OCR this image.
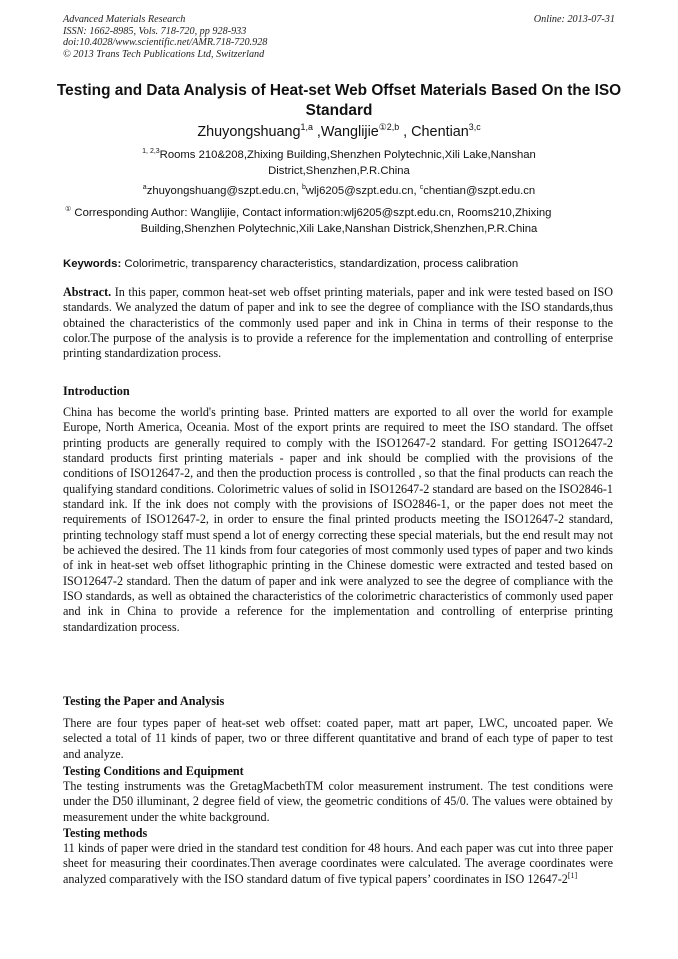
Advanced Materials Research
ISSN: 1662-8985, Vols. 718-720, pp 928-933
doi:10.4028/www.scientific.net/AMR.718-720.928
© 2013 Trans Tech Publications Ltd, Switzerland
Online: 2013-07-31
Testing and Data Analysis of Heat-set Web Offset Materials Based On the ISO Standard
Zhuyongshuang$^{1,a}$ ,Wanglijie$^{①2,b}$ , Chentian$^{3,c}$
$^{1, 2,3}$Rooms 210&208,Zhixing Building,Shenzhen Polytechnic,Xili Lake,Nanshan District,Shenzhen,P.R.China
$^a$zhuyongshuang@szpt.edu.cn, $^b$wlj6205@szpt.edu.cn, $^c$chentian@szpt.edu.cn
① Corresponding Author: Wanglijie, Contact information:wlj6205@szpt.edu.cn, Rooms210,Zhixing
Building,Shenzhen Polytechnic,Xili Lake,Nanshan Districk,Shenzhen,P.R.China
Keywords: Colorimetric, transparency characteristics, standardization, process calibration
Abstract. In this paper, common heat-set web offset printing materials, paper and ink were tested based on ISO standards. We analyzed the datum of paper and ink to see the degree of compliance with the ISO standards,thus obtained the characteristics of the commonly used paper and ink in China in terms of their response to the color.The purpose of the analysis is to provide a reference for the implementation and controlling of enterprise printing standardization process.
Introduction
China has become the world's printing base. Printed matters are exported to all over the world for example Europe, North America, Oceania. Most of the export prints are required to meet the ISO standard. The offset printing products are generally required to comply with the ISO12647-2 standard. For getting ISO12647-2 standard products first printing materials - paper and ink should be complied with the provisions of the conditions of ISO12647-2, and then the production process is controlled , so that the final products can reach the qualifying standard conditions. Colorimetric values of solid in ISO12647-2 standard are based on the ISO2846-1 standard ink. If the ink does not comply with the provisions of ISO2846-1, or the paper does not meet the requirements of ISO12647-2, in order to ensure the final printed products meeting the ISO12647-2 standard, printing technology staff must spend a lot of energy correcting these special materials, but the end result may not be achieved the desired. The 11 kinds from four categories of most commonly used types of paper and two kinds of ink in heat-set web offset lithographic printing in the Chinese domestic were extracted and tested based on ISO12647-2 standard. Then the datum of paper and ink were analyzed to see the degree of compliance with the ISO standards, as well as obtained the characteristics of the colorimetric characteristics of commonly used paper and ink in China to provide a reference for the implementation and controlling of enterprise printing standardization process.
Testing the Paper and Analysis
There are four types paper of heat-set web offset: coated paper, matt art paper, LWC, uncoated paper. We selected a total of 11 kinds of paper, two or three different quantitative and brand of each type of paper to test and analyze.
Testing Conditions and Equipment
The testing instruments was the GretagMacbethTM color measurement instrument. The test conditions were under the D50 illuminant, 2 degree field of view, the geometric conditions of 45/0. The values were obtained by measurement under the white background.
Testing methods
11 kinds of paper were dried in the standard test condition for 48 hours. And each paper was cut into three paper sheet for measuring their coordinates.Then average coordinates were calculated. The average coordinates were analyzed comparatively with the ISO standard datum of five typical papers’ coordinates in ISO 12647-2[1]
